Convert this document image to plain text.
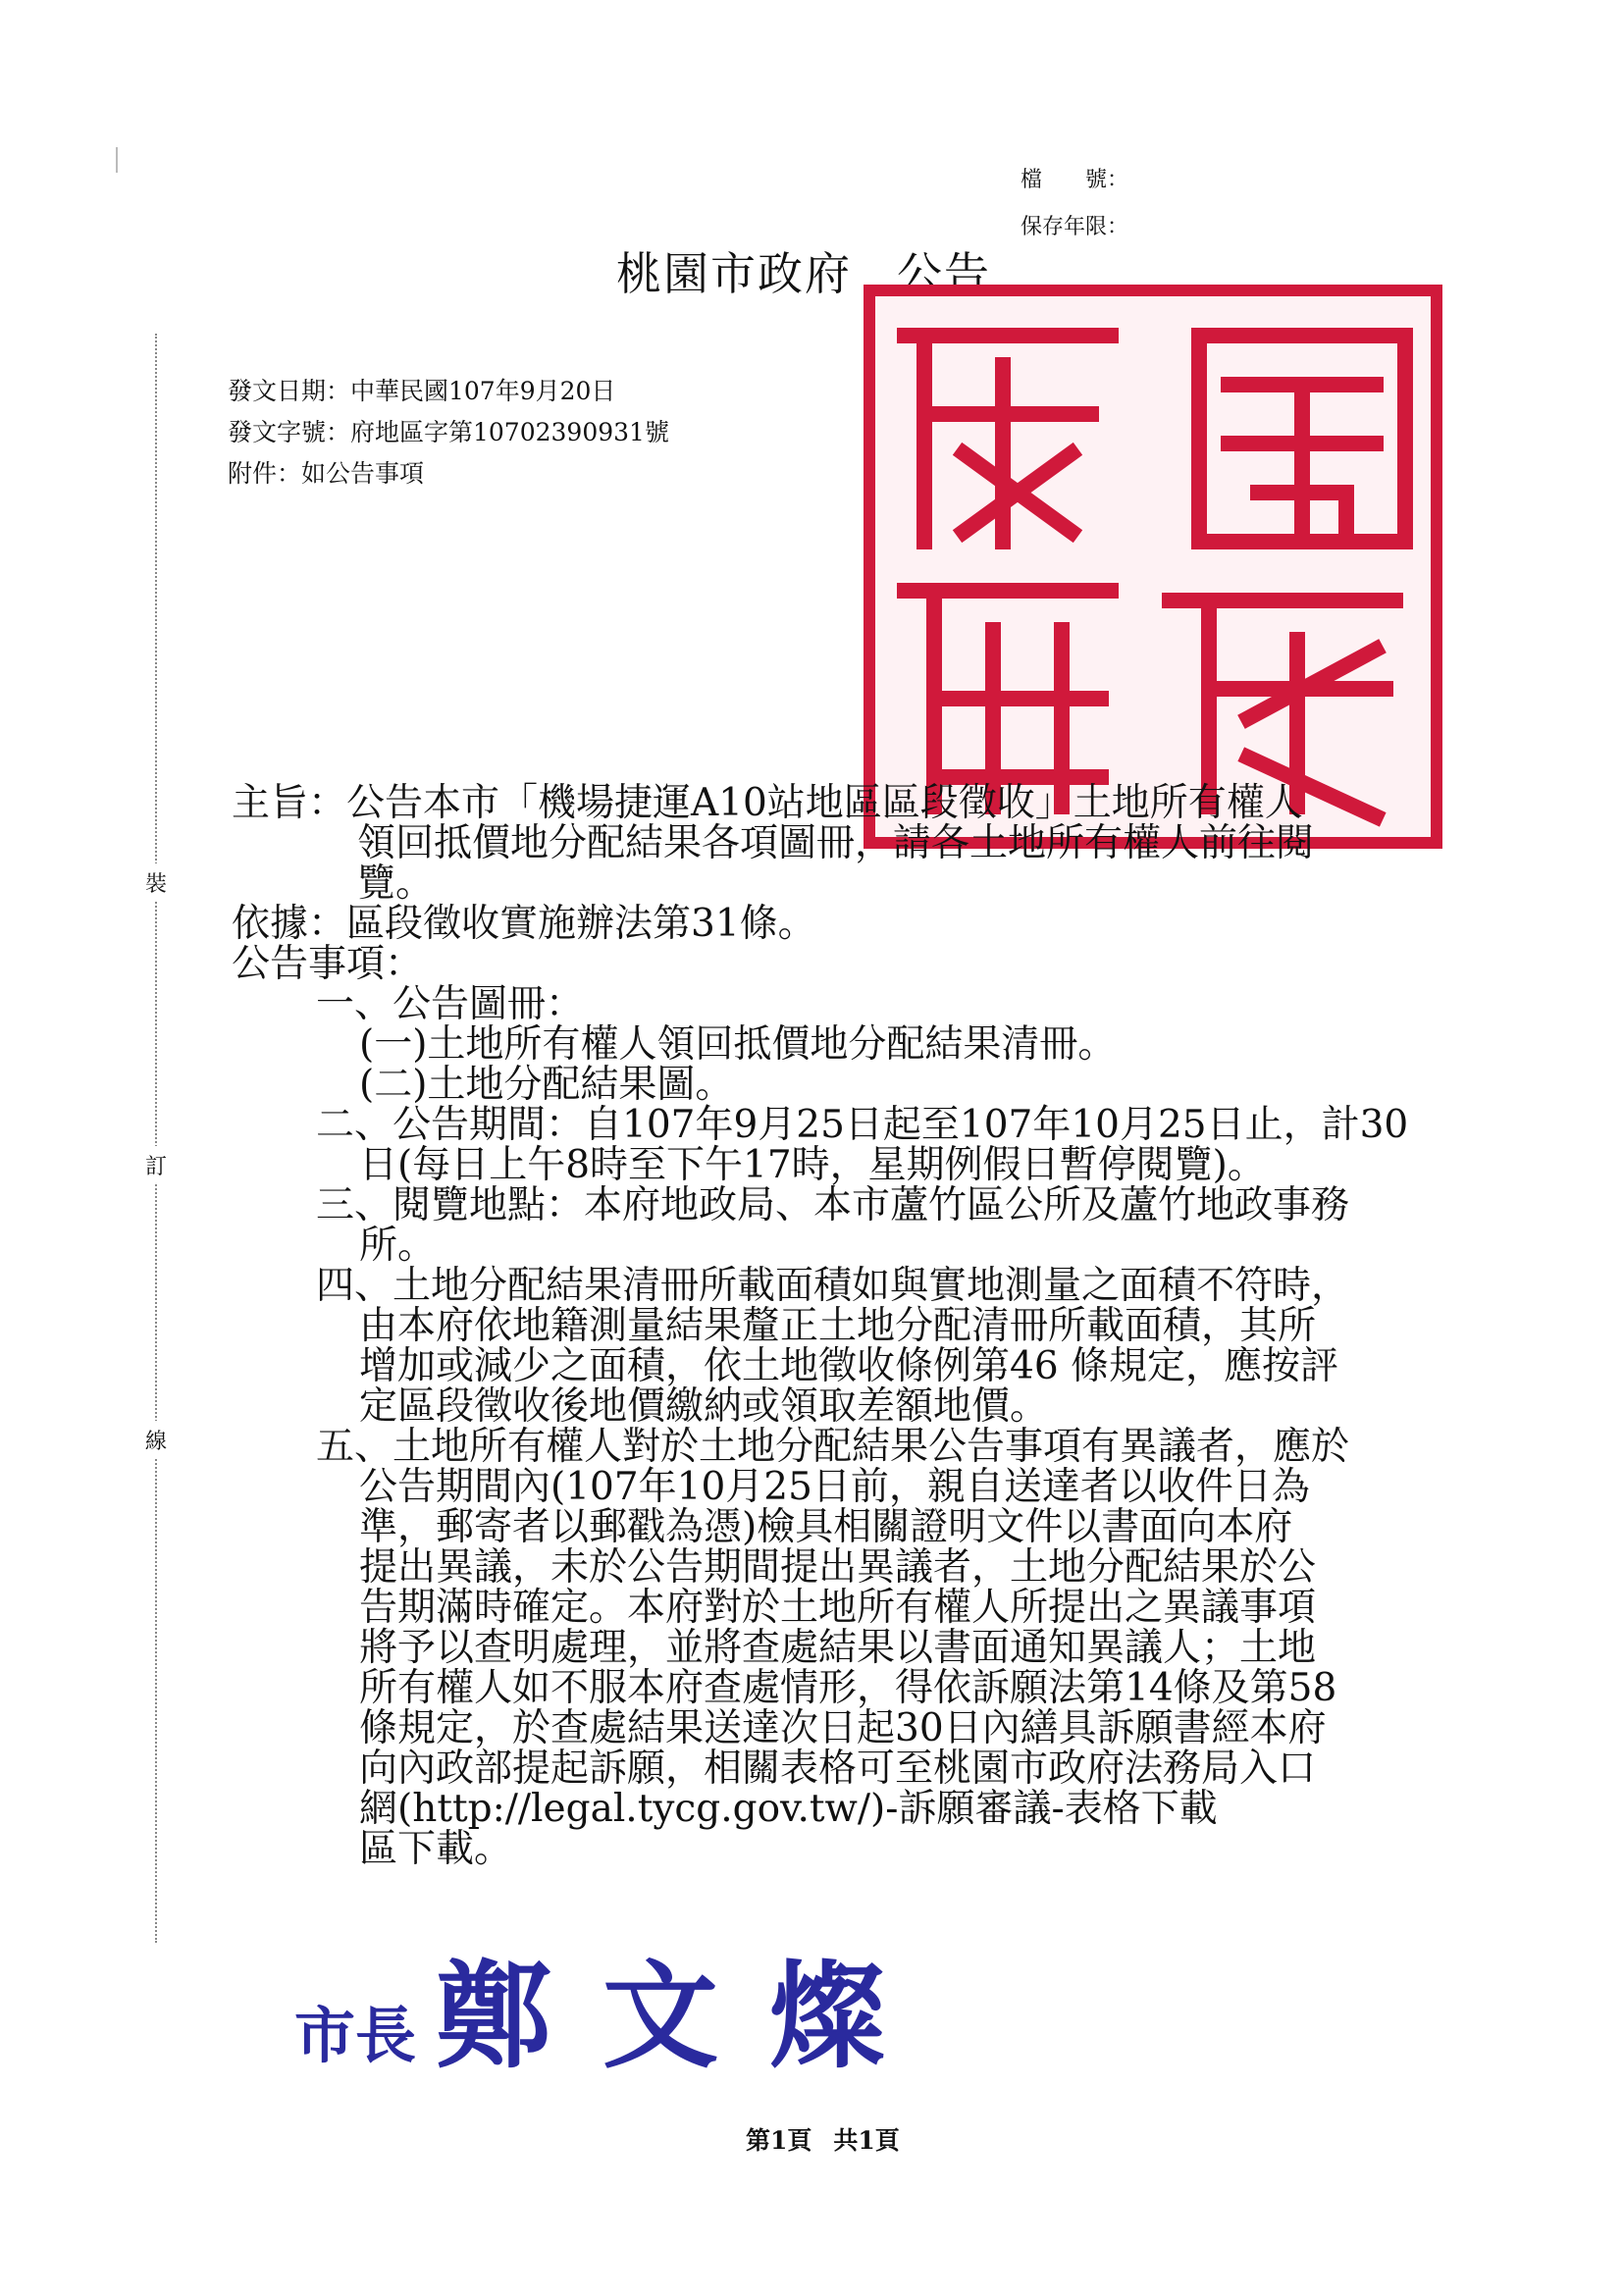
檔　　號：
保存年限：
桃園市政府 公告
發文日期：中華民國107年9月20日
發文字號：府地區字第10702390931號
附件：如公告事項
裝
訂
線
主旨：公告本市「機場捷運A10站地區區段徵收」土地所有權人
領回抵價地分配結果各項圖冊，請各土地所有權人前往閱
覽。
依據：區段徵收實施辦法第31條。
公告事項：
一、公告圖冊：
(一)土地所有權人領回抵價地分配結果清冊。
(二)土地分配結果圖。
二、公告期間：自107年9月25日起至107年10月25日止，計30
日(每日上午8時至下午17時，星期例假日暫停閱覽)。
三、閱覽地點：本府地政局、本市蘆竹區公所及蘆竹地政事務
所。
四、土地分配結果清冊所載面積如與實地測量之面積不符時，
由本府依地籍測量結果釐正土地分配清冊所載面積，其所
增加或減少之面積，依土地徵收條例第46 條規定，應按評
定區段徵收後地價繳納或領取差額地價。
五、土地所有權人對於土地分配結果公告事項有異議者，應於
公告期間內(107年10月25日前，親自送達者以收件日為
準，郵寄者以郵戳為憑)檢具相關證明文件以書面向本府
提出異議，未於公告期間提出異議者，土地分配結果於公
告期滿時確定。本府對於土地所有權人所提出之異議事項
將予以查明處理，並將查處結果以書面通知異議人；土地
所有權人如不服本府查處情形，得依訴願法第14條及第58
條規定，於查處結果送達次日起30日內繕具訴願書經本府
向內政部提起訴願，相關表格可至桃園市政府法務局入口
網(http://legal.tycg.gov.tw/)-訴願審議-表格下載
區下載。
市長 鄭文燦
第1頁 共1頁
